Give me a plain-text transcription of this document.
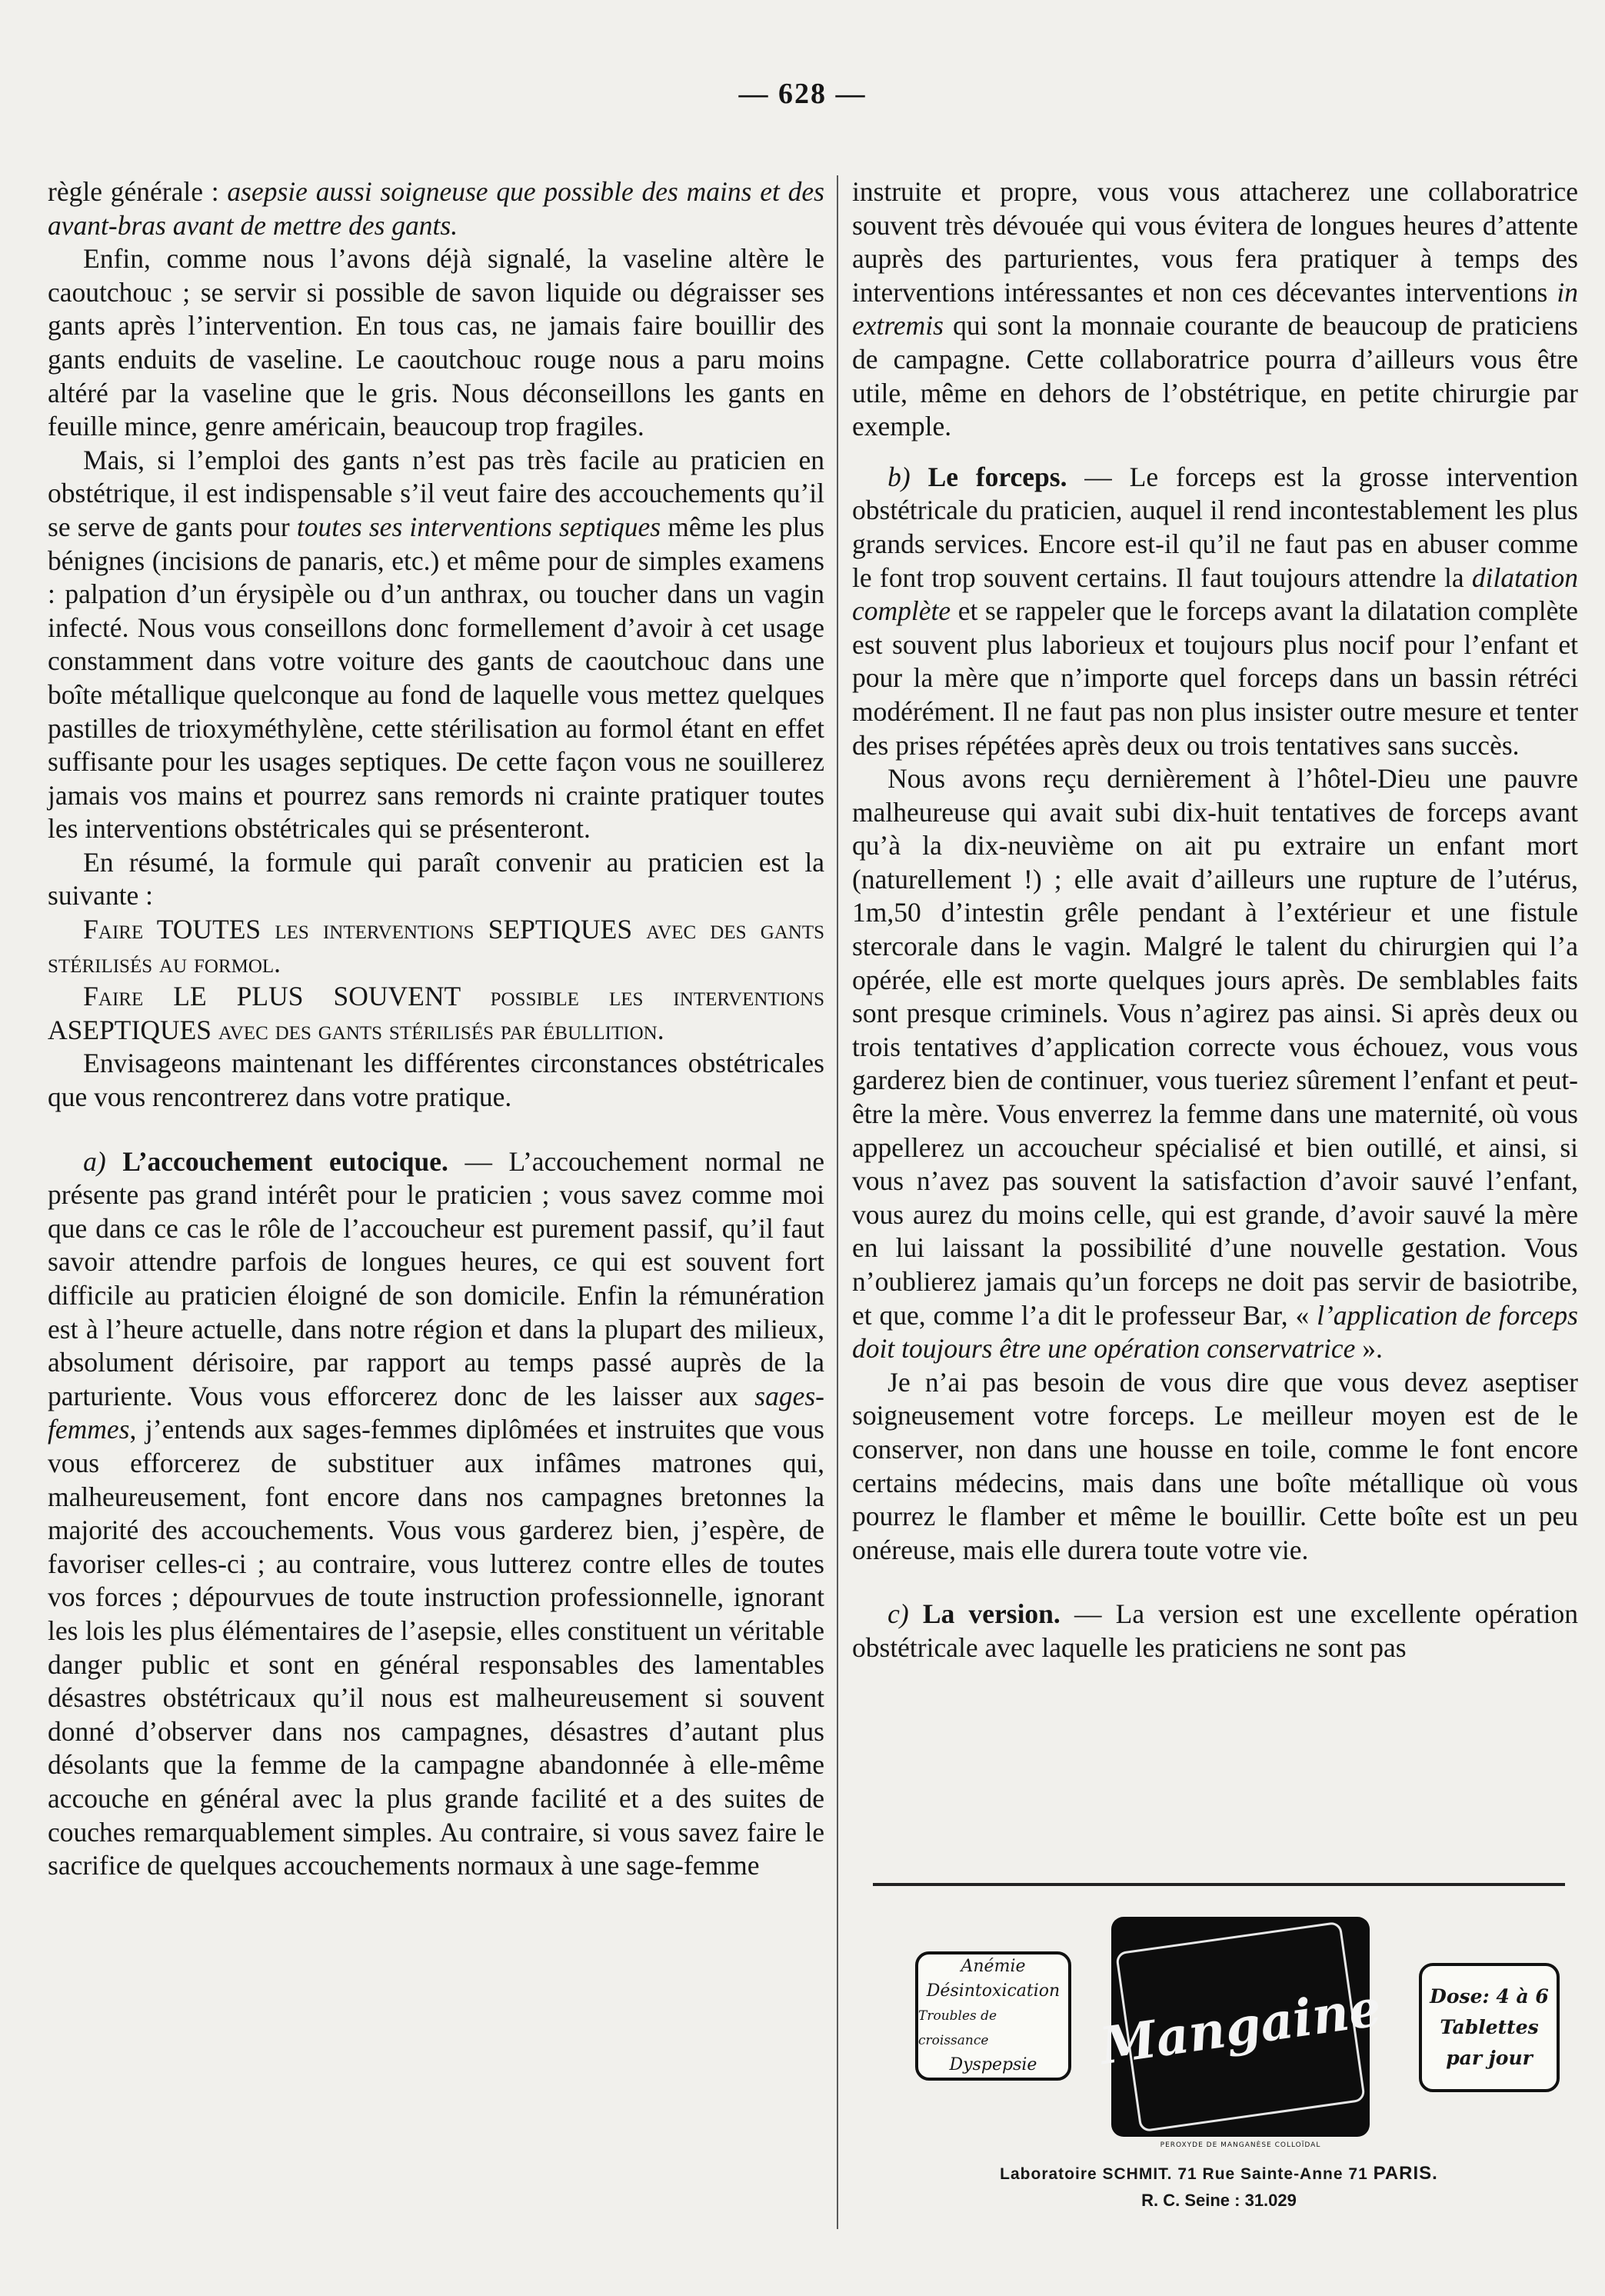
— 628 —

règle générale : asepsie aussi soigneuse que possible des mains et des avant-bras avant de mettre des gants.

Enfin, comme nous l’avons déjà signalé, la vaseline altère le caoutchouc ; se servir si possible de savon liquide ou dégraisser ses gants après l’intervention. En tous cas, ne jamais faire bouillir des gants enduits de vaseline. Le caoutchouc rouge nous a paru moins altéré par la vaseline que le gris. Nous déconseillons les gants en feuille mince, genre américain, beaucoup trop fragiles.

Mais, si l’emploi des gants n’est pas très facile au praticien en obstétrique, il est indispensable s’il veut faire des accouchements qu’il se serve de gants pour toutes ses interventions septiques même les plus bénignes (incisions de panaris, etc.) et même pour de simples examens : palpation d’un érysipèle ou d’un anthrax, ou toucher dans un vagin infecté. Nous vous conseillons donc formellement d’avoir à cet usage constamment dans votre voiture des gants de caoutchouc dans une boîte métallique quelconque au fond de laquelle vous mettez quelques pastilles de trioxyméthylène, cette stérilisation au formol étant en effet suffisante pour les usages septiques. De cette façon vous ne souillerez jamais vos mains et pourrez sans remords ni crainte pratiquer toutes les interventions obstétricales qui se présenteront.

En résumé, la formule qui paraît convenir au praticien est la suivante :

Faire TOUTES les interventions SEPTIQUES avec des gants stérilisés au formol.

Faire LE PLUS SOUVENT possible les interventions ASEPTIQUES avec des gants stérilisés par ébullition.

Envisageons maintenant les différentes circonstances obstétricales que vous rencontrerez dans votre pratique.

a) L’accouchement eutocique. — L’accouchement normal ne présente pas grand intérêt pour le praticien ; vous savez comme moi que dans ce cas le rôle de l’accoucheur est purement passif, qu’il faut savoir attendre parfois de longues heures, ce qui est souvent fort difficile au praticien éloigné de son domicile. Enfin la rémunération est à l’heure actuelle, dans notre région et dans la plupart des milieux, absolument dérisoire, par rapport au temps passé auprès de la parturiente. Vous vous efforcerez donc de les laisser aux sages-femmes, j’entends aux sages-femmes diplômées et instruites que vous vous efforcerez de substituer aux infâmes matrones qui, malheureusement, font encore dans nos campagnes bretonnes la majorité des accouchements. Vous vous garderez bien, j’espère, de favoriser celles-ci ; au contraire, vous lutterez contre elles de toutes vos forces ; dépourvues de toute instruction professionnelle, ignorant les lois les plus élémentaires de l’asepsie, elles constituent un véritable danger public et sont en général responsables des lamentables désastres obstétricaux qu’il nous est malheureusement si souvent donné d’observer dans nos campagnes, désastres d’autant plus désolants que la femme de la campagne abandonnée à elle-même accouche en général avec la plus grande facilité et a des suites de couches remarquablement simples. Au contraire, si vous savez faire le sacrifice de quelques accouchements normaux à une sage-femme

instruite et propre, vous vous attacherez une collaboratrice souvent très dévouée qui vous évitera de longues heures d’attente auprès des parturientes, vous fera pratiquer à temps des interventions intéressantes et non ces décevantes interventions in extremis qui sont la monnaie courante de beaucoup de praticiens de campagne. Cette collaboratrice pourra d’ailleurs vous être utile, même en dehors de l’obstétrique, en petite chirurgie par exemple.

b) Le forceps. — Le forceps est la grosse intervention obstétricale du praticien, auquel il rend incontestablement les plus grands services. Encore est-il qu’il ne faut pas en abuser comme le font trop souvent certains. Il faut toujours attendre la dilatation complète et se rappeler que le forceps avant la dilatation complète est souvent plus laborieux et toujours plus nocif pour l’enfant et pour la mère que n’importe quel forceps dans un bassin rétréci modérément. Il ne faut pas non plus insister outre mesure et tenter des prises répétées après deux ou trois tentatives sans succès.

Nous avons reçu dernièrement à l’hôtel-Dieu une pauvre malheureuse qui avait subi dix-huit tentatives de forceps avant qu’à la dix-neuvième on ait pu extraire un enfant mort (naturellement !) ; elle avait d’ailleurs une rupture de l’utérus, 1m,50 d’intestin grêle pendant à l’extérieur et une fistule stercorale dans le vagin. Malgré le talent du chirurgien qui l’a opérée, elle est morte quelques jours après. De semblables faits sont presque criminels. Vous n’agirez pas ainsi. Si après deux ou trois tentatives d’application correcte vous échouez, vous vous garderez bien de continuer, vous tueriez sûrement l’enfant et peut-être la mère. Vous enverrez la femme dans une maternité, où vous appellerez un accoucheur spécialisé et bien outillé, et ainsi, si vous n’avez pas souvent la satisfaction d’avoir sauvé l’enfant, vous aurez du moins celle, qui est grande, d’avoir sauvé la mère en lui laissant la possibilité d’une nouvelle gestation. Vous n’oublierez jamais qu’un forceps ne doit pas servir de basiotribe, et que, comme l’a dit le professeur Bar, « l’application de forceps doit toujours être une opération conservatrice ».

Je n’ai pas besoin de vous dire que vous devez aseptiser soigneusement votre forceps. Le meilleur moyen est de le conserver, non dans une housse en toile, comme le font encore certains médecins, mais dans une boîte métallique où vous pourrez le flamber et même le bouillir. Cette boîte est un peu onéreuse, mais elle durera toute votre vie.

c) La version. — La version est une excellente opération obstétricale avec laquelle les praticiens ne sont pas

Anémie
Désintoxication
Troubles de croissance
Dyspepsie Mangaine Dose: 4 à 6
Tablettes
par jour
PEROXYDE DE MANGANÈSE COLLOÏDAL
Laboratoire SCHMIT. 71 Rue Sainte-Anne 71 PARIS.
R. C. Seine : 31.029
